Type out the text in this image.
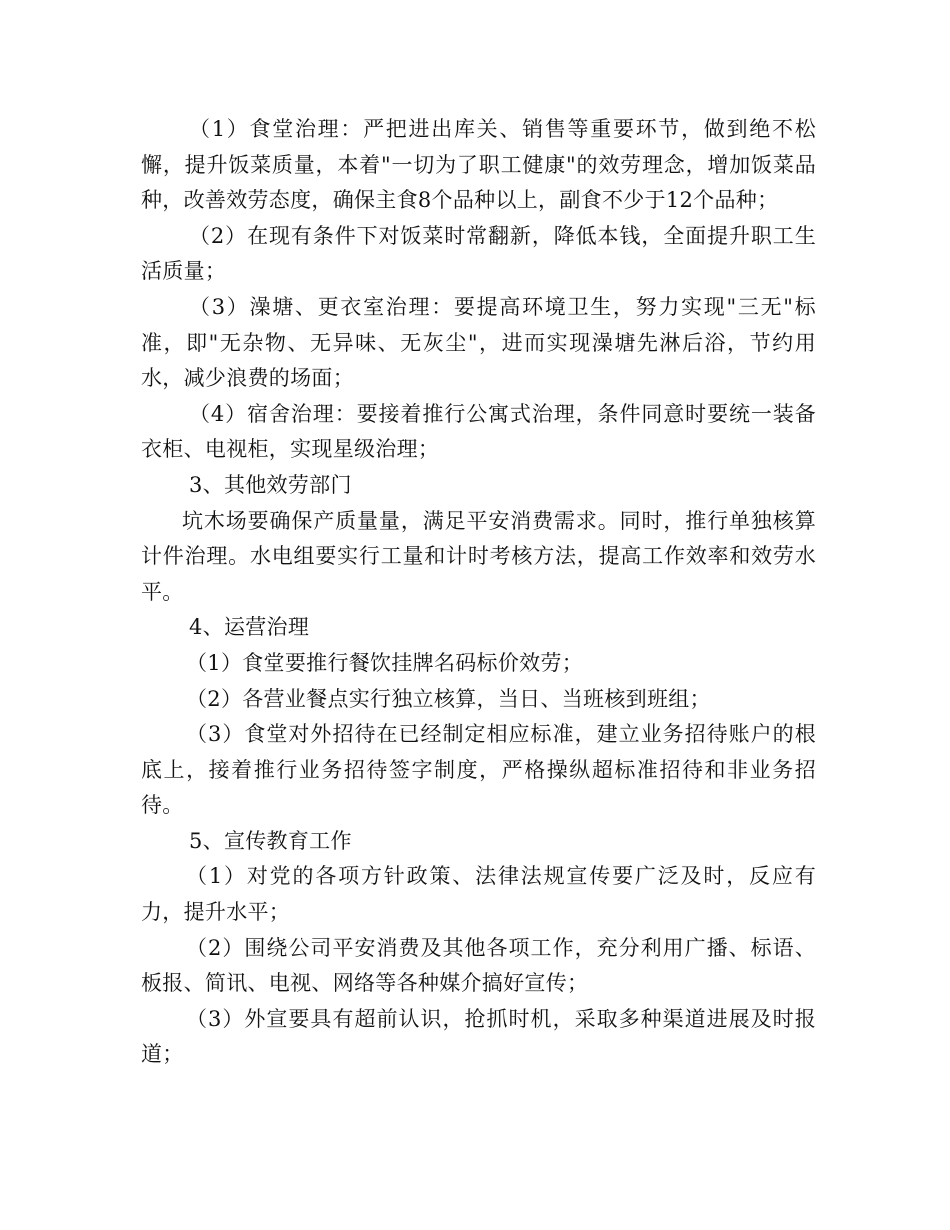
（1）食堂治理：严把进出库关、销售等重要环节，做到绝不松懈，提升饭菜质量，本着"一切为了职工健康"的效劳理念，增加饭菜品种，改善效劳态度，确保主食8个品种以上，副食不少于12个品种；

（2）在现有条件下对饭菜时常翻新，降低本钱，全面提升职工生活质量；

（3）澡塘、更衣室治理：要提高环境卫生，努力实现"三无"标准，即"无杂物、无异味、无灰尘"，进而实现澡塘先淋后浴，节约用水，减少浪费的场面；

（4）宿舍治理：要接着推行公寓式治理，条件同意时要统一装备衣柜、电视柜，实现星级治理；

3、其他效劳部门

坑木场要确保产质量量，满足平安消费需求。同时，推行单独核算计件治理。水电组要实行工量和计时考核方法，提高工作效率和效劳水平。

4、运营治理

（1）食堂要推行餐饮挂牌名码标价效劳；

（2）各营业餐点实行独立核算，当日、当班核到班组；

（3）食堂对外招待在已经制定相应标准，建立业务招待账户的根底上，接着推行业务招待签字制度，严格操纵超标准招待和非业务招待。

5、宣传教育工作

（1）对党的各项方针政策、法律法规宣传要广泛及时，反应有力，提升水平；

（2）围绕公司平安消费及其他各项工作，充分利用广播、标语、板报、简讯、电视、网络等各种媒介搞好宣传；

（3）外宣要具有超前认识，抢抓时机，采取多种渠道进展及时报道；
